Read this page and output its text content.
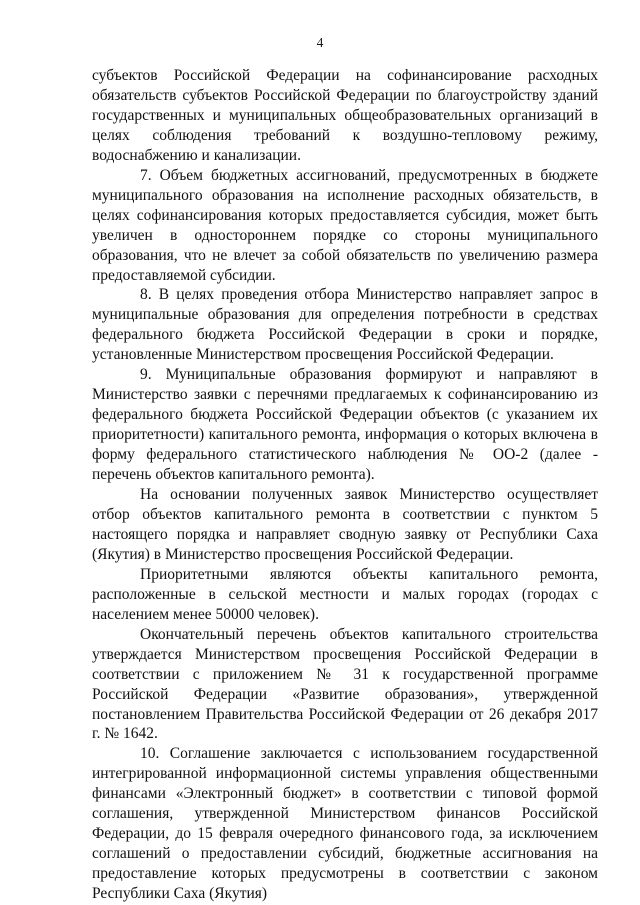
4

субъектов Российской Федерации на софинансирование расходных обязательств субъектов Российской Федерации по благоустройству зданий государственных и муниципальных общеобразовательных организаций в целях соблюдения требований к воздушно-тепловому режиму, водоснабжению и канализации.

7. Объем бюджетных ассигнований, предусмотренных в бюджете муниципального образования на исполнение расходных обязательств, в целях софинансирования которых предоставляется субсидия, может быть увеличен в одностороннем порядке со стороны муниципального образования, что не влечет за собой обязательств по увеличению размера предоставляемой субсидии.

8. В целях проведения отбора Министерство направляет запрос в муниципальные образования для определения потребности в средствах федерального бюджета Российской Федерации в сроки и порядке, установленные Министерством просвещения Российской Федерации.

9. Муниципальные образования формируют и направляют в Министерство заявки с перечнями предлагаемых к софинансированию из федерального бюджета Российской Федерации объектов (с указанием их приоритетности) капитального ремонта, информация о которых включена в форму федерального статистического наблюдения № ОО-2 (далее - перечень объектов капитального ремонта).

На основании полученных заявок Министерство осуществляет отбор объектов капитального ремонта в соответствии с пунктом 5 настоящего порядка и направляет сводную заявку от Республики Саха (Якутия) в Министерство просвещения Российской Федерации.

Приоритетными являются объекты капитального ремонта, расположенные в сельской местности и малых городах (городах с населением менее 50000 человек).

Окончательный перечень объектов капитального строительства утверждается Министерством просвещения Российской Федерации в соответствии с приложением № 31 к государственной программе Российской Федерации «Развитие образования», утвержденной постановлением Правительства Российской Федерации от 26 декабря 2017 г. № 1642.

10. Соглашение заключается с использованием государственной интегрированной информационной системы управления общественными финансами «Электронный бюджет» в соответствии с типовой формой соглашения, утвержденной Министерством финансов Российской Федерации, до 15 февраля очередного финансового года, за исключением соглашений о предоставлении субсидий, бюджетные ассигнования на предоставление которых предусмотрены в соответствии с законом Республики Саха (Якутия)
